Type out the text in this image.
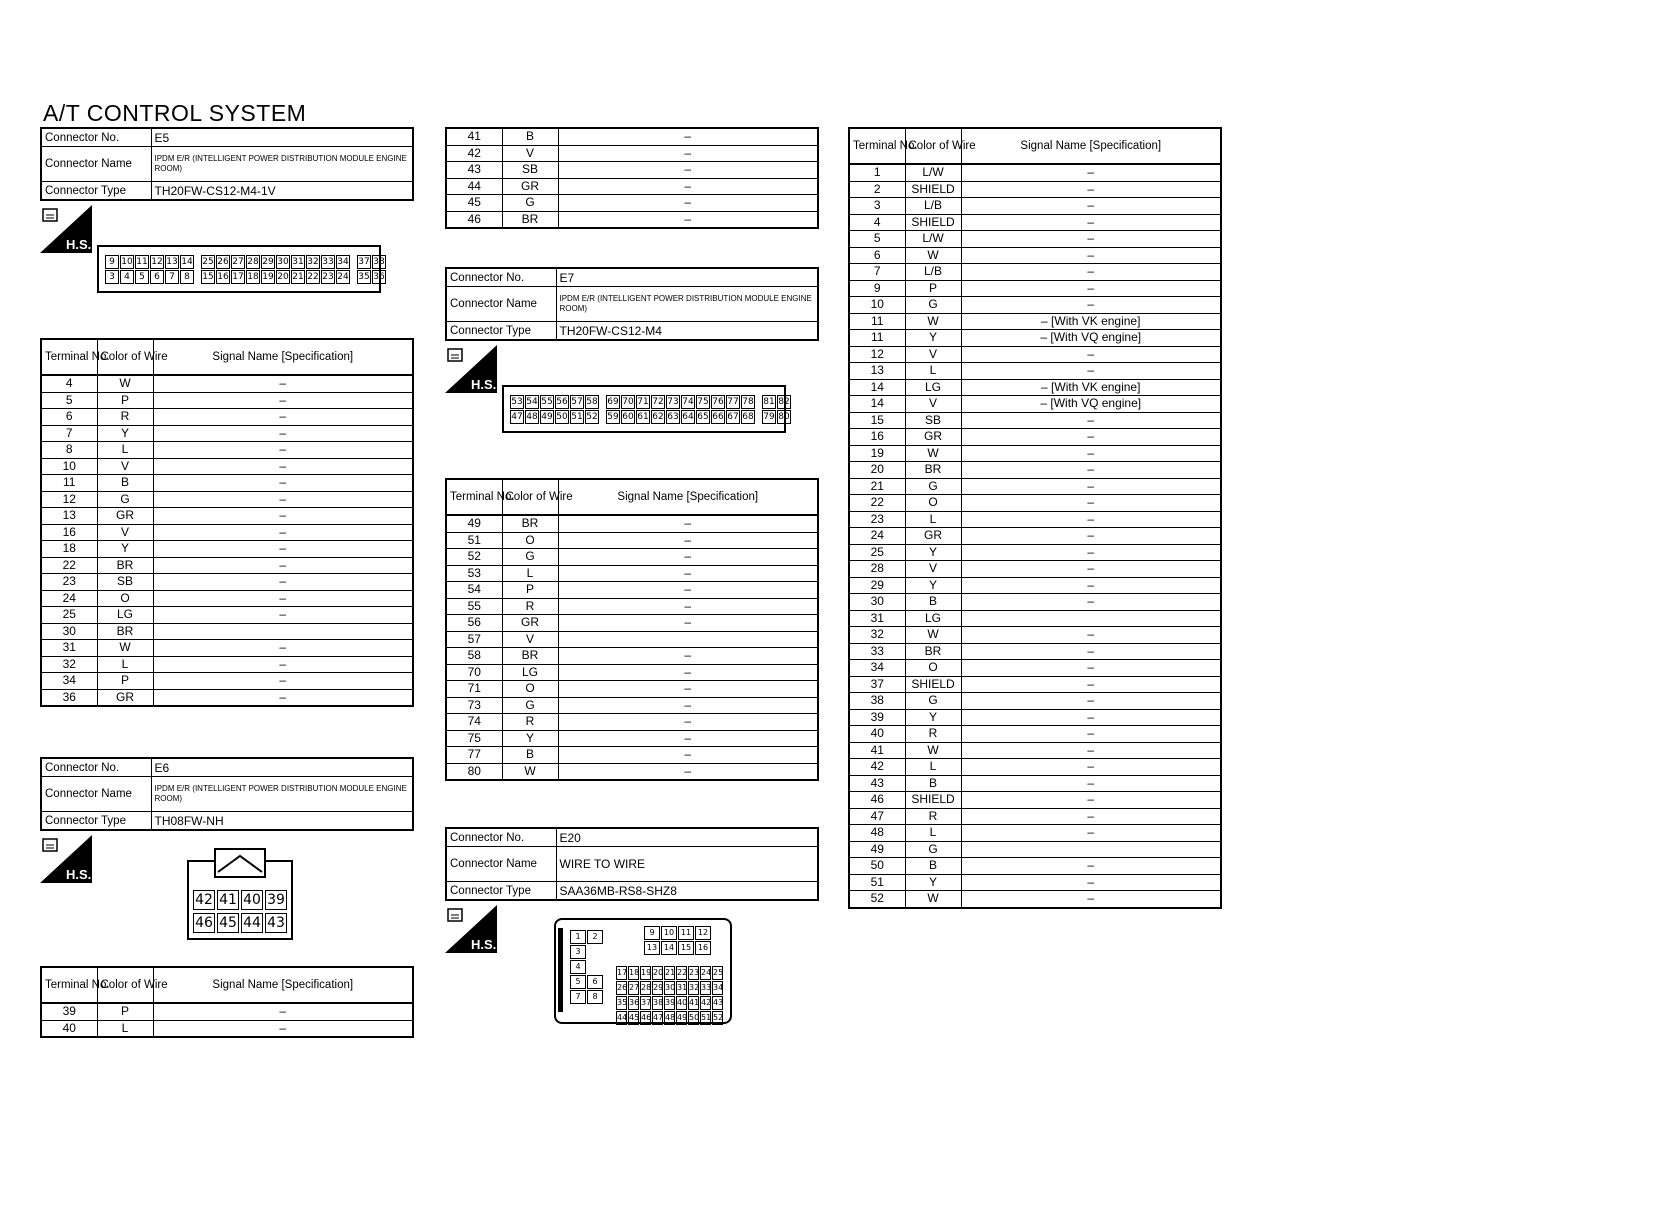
A/T CONTROL SYSTEM
Connector No.	E5
Connector Name	IPDM E/R (INTELLIGENT POWER DISTRIBUTION MODULE ENGINE ROOM)
Connector Type	TH20FW-CS12-M4-1V
H.S.
9 10 11 12 13 14 25 26 27 28 29 30 31 32 33 34 37 38
3	4	5	6	7	8	15 16 17 18 19 20 21 22 23 24 35 36
Terminal No.	Color of Wire	Signal Name [Specification]
4	W	–
5	P	–
6	R	–
7	Y	–
8	L	–
10	V	–
11	B	–
12	G	–
13	GR	–
16	V	–
18	Y	–
22	BR	–
23	SB	–
24	O	–
25	LG	–
30	BR	
31	W	–
32	L	–
34	P	–
36	GR	–
Connector No.	E6
Connector Name	IPDM E/R (INTELLIGENT POWER DISTRIBUTION MODULE ENGINE ROOM)
Connector Type	TH08FW-NH
H.S.
42 41 40 39
46 45 44 43
Terminal No.	Color of Wire	Signal Name [Specification]
39	P	–
40	L	–
41	B	–
42	V	–
43	SB	–
44	GR	–
45	G	–
46	BR	–
Connector No.	E7
Connector Name	IPDM E/R (INTELLIGENT POWER DISTRIBUTION MODULE ENGINE ROOM)
Connector Type	TH20FW-CS12-M4
H.S.
53 54 55 56 57 58 69 70 71 72 73 74 75 76 77 78 81 82
47 48 49 50 51 52 59 60 61 62 63 64 65 66 67 68 79 80
Terminal No.	Color of Wire	Signal Name [Specification]
49	BR	–
51	O	–
52	G	–
53	L	–
54	P	–
55	R	–
56	GR	–
57	V	
58	BR	–
70	LG	–
71	O	–
73	G	–
74	R	–
75	Y	–
77	B	–
80	W	–
Connector No.	E20
Connector Name	WIRE TO WIRE
Connector Type	SAA36MB-RS8-SHZ8
H.S.
1	2
3
4
5	6
7	8
9	10 11 12
13 14 15 16
17 18 19 20 21 22 23 24 25
26 27 28 29 30 31 32 33 34
35 36 37 38 39 40 41 42 43
44 45 46 47 48 49 50 51 52
Terminal No.	Color of Wire	Signal Name [Specification]
1	L/W	–
2	SHIELD	–
3	L/B	–
4	SHIELD	–
5	L/W	–
6	W	–
7	L/B	–
9	P	–
10	G	–
11	W	– [With VK engine]
11	Y	– [With VQ engine]
12	V	–
13	L	–
14	LG	– [With VK engine]
14	V	– [With VQ engine]
15	SB	–
16	GR	–
19	W	–
20	BR	–
21	G	–
22	O	–
23	L	–
24	GR	–
25	Y	–
28	V	–
29	Y	–
30	B	–
31	LG	
32	W	–
33	BR	–
34	O	–
37	SHIELD	–
38	G	–
39	Y	–
40	R	–
41	W	–
42	L	–
43	B	–
46	SHIELD	–
47	R	–
48	L	–
49	G	
50	B	–
51	Y	–
52	W	–
